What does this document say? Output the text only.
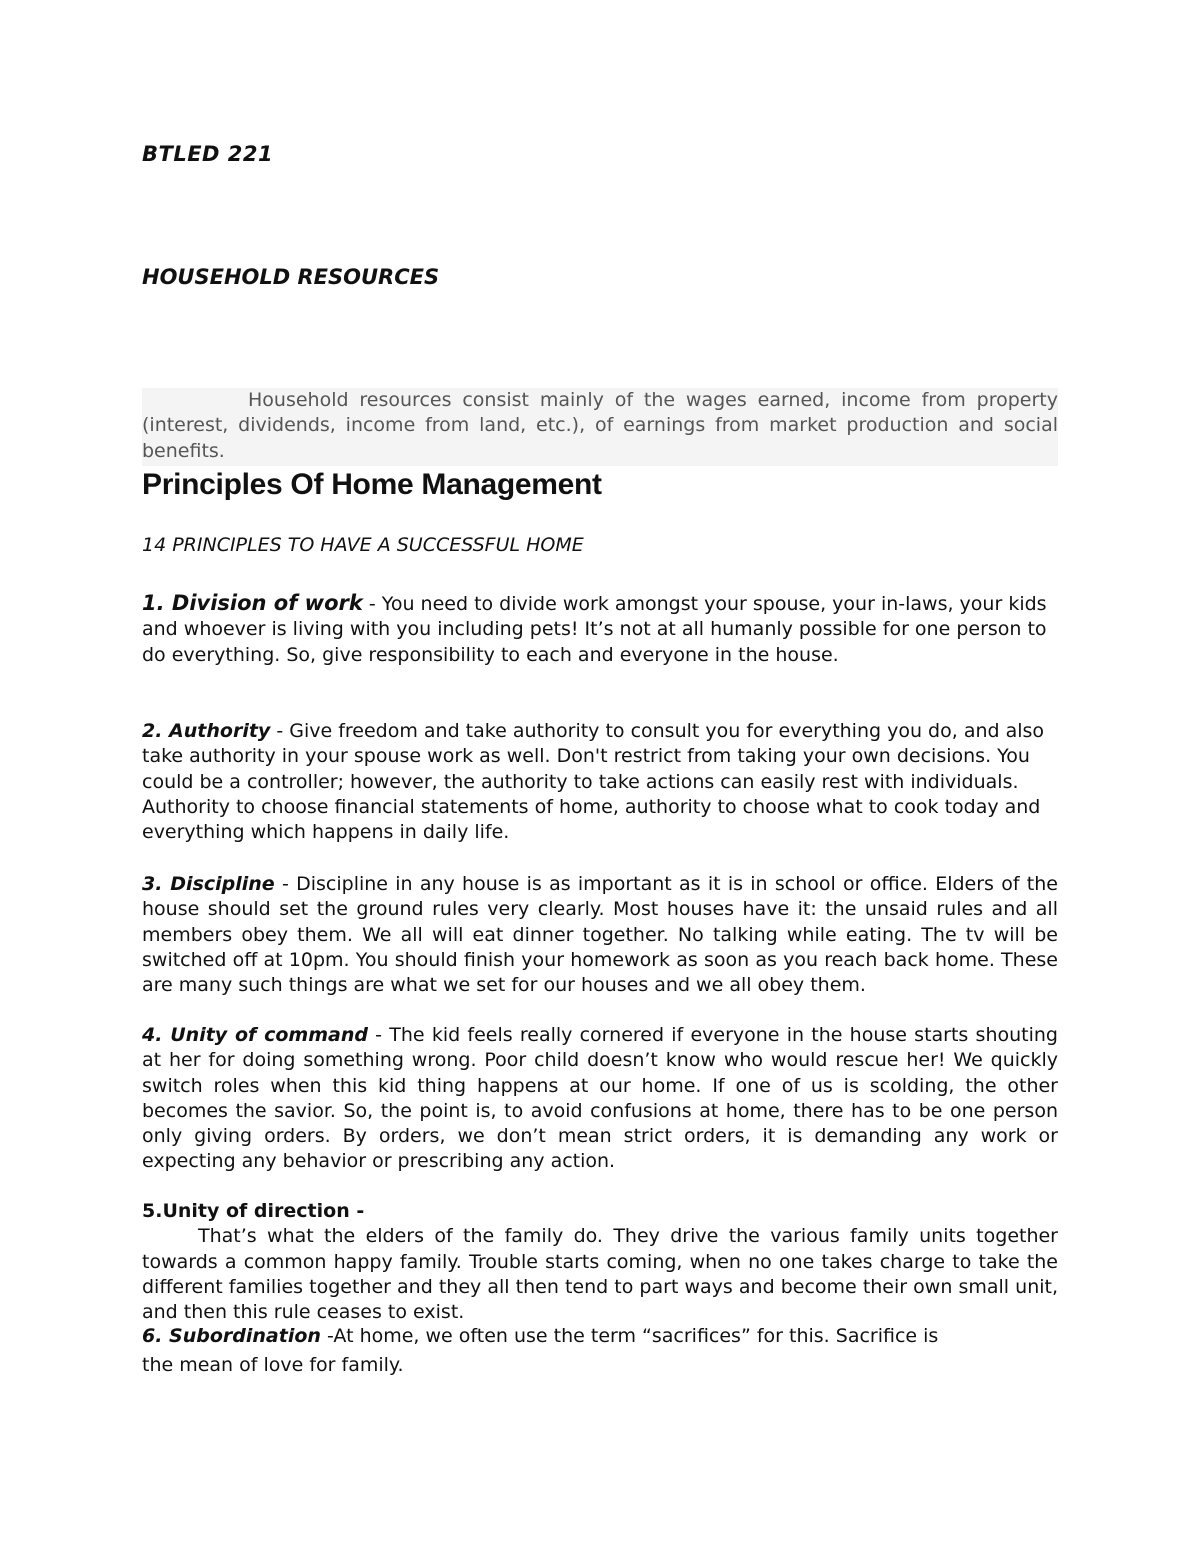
BTLED 221

HOUSEHOLD RESOURCES

Household resources consist mainly of the wages earned, income from property (interest, dividends, income from land, etc.), of earnings from market production and social benefits.

Principles Of Home Management

14 PRINCIPLES TO HAVE A SUCCESSFUL HOME

1. Division of work - You need to divide work amongst your spouse, your in-laws, your kids and whoever is living with you including pets! It’s not at all humanly possible for one person to do everything. So, give responsibility to each and everyone in the house.

2. Authority - Give freedom and take authority to consult you for everything you do, and also take authority in your spouse work as well. Don't restrict from taking your own decisions. You could be a controller; however, the authority to take actions can easily rest with individuals. Authority to choose financial statements of home, authority to choose what to cook today and everything which happens in daily life.

3. Discipline - Discipline in any house is as important as it is in school or office. Elders of the house should set the ground rules very clearly. Most houses have it: the unsaid rules and all members obey them. We all will eat dinner together. No talking while eating. The tv will be switched off at 10pm. You should finish your homework as soon as you reach back home. These are many such things are what we set for our houses and we all obey them.

4. Unity of command - The kid feels really cornered if everyone in the house starts shouting at her for doing something wrong. Poor child doesn’t know who would rescue her! We quickly switch roles when this kid thing happens at our home. If one of us is scolding, the other becomes the savior. So, the point is, to avoid confusions at home, there has to be one person only giving orders. By orders, we don’t mean strict orders, it is demanding any work or expecting any behavior or prescribing any action.

5.Unity of direction -
That’s what the elders of the family do. They drive the various family units together towards a common happy family. Trouble starts coming, when no one takes charge to take the different families together and they all then tend to part ways and become their own small unit, and then this rule ceases to exist.

6. Subordination -At home, we often use the term “sacrifices” for this. Sacrifice is
the mean of love for family.
